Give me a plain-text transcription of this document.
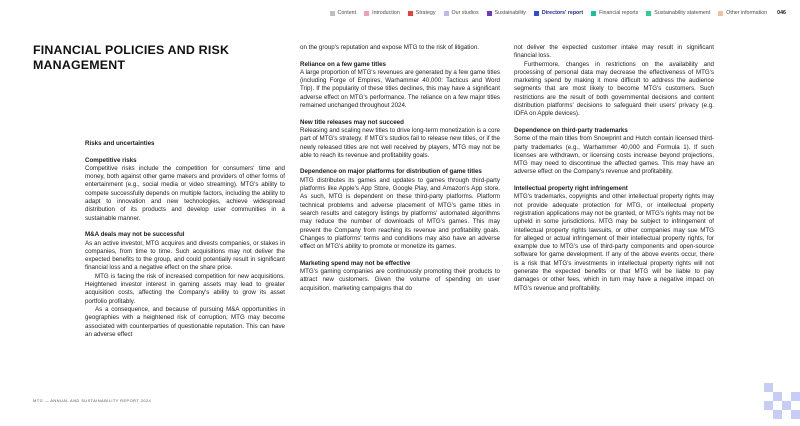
Content	Introduction	Strategy	Our studios	Sustainability	Directors' report	Financial reports	Sustainability statement	Other information 046
FINANCIAL POLICIES AND RISK MANAGEMENT
Risks and uncertainties
Competitive risks

Competitive risks include the competition for consumers' time and money, both against other game makers and providers of other forms of entertainment (e.g., social media or video streaming). MTG's ability to compete successfully depends on multiple factors, including the ability to adapt to innovation and new technologies, achieve widespread distribution of its products and develop user communities in a sustainable manner.

M&A deals may not be successful

As an active investor, MTG acquires and divests companies, or stakes in companies, from time to time. Such acquisitions may not deliver the expected benefits to the group, and could potentially result in significant financial loss and a negative effect on the share price.

MTG is facing the risk of increased competition for new acquisitions. Heightened investor interest in gaming assets may lead to greater acquisition costs, affecting the Company's ability to grow its asset portfolio profitably.

As a consequence, and because of pursuing M&A opportunities in geographies with a heightened risk of corruption, MTG may become associated with counterparties of questionable reputation. This can have an adverse effect

on the group's reputation and expose MTG to the risk of litigation.

Reliance on a few game titles

A large proportion of MTG's revenues are generated by a few game titles (including Forge of Empires, Warhammer 40,000: Tacticus and Word Trip). If the popularity of these titles declines, this may have a significant adverse effect on MTG's performance. The reliance on a few major titles remained unchanged throughout 2024.

New title releases may not succeed

Releasing and scaling new titles to drive long-term monetization is a core part of MTG's strategy. If MTG's studios fail to release new titles, or if the newly released titles are not well received by players, MTG may not be able to reach its revenue and profitability goals.

Dependence on major platforms for distribution of game titles

MTG distributes its games and updates to games through third-party platforms like Apple's App Store, Google Play, and Amazon's App store. As such, MTG is dependent on these third-party platforms. Platform technical problems and adverse placement of MTG's game titles in search results and category listings by platforms' automated algorithms may reduce the number of downloads of MTG's games. This may prevent the Company from reaching its revenue and profitability goals. Changes to platforms' terms and conditions may also have an adverse effect on MTG's ability to promote or monetize its games.

Marketing spend may not be effective

MTG's gaming companies are continuously promoting their products to attract new customers. Given the volume of spending on user acquisition, marketing campaigns that do

not deliver the expected customer intake may result in significant financial loss.

Furthermore, changes in restrictions on the availability and processing of personal data may decrease the effectiveness of MTG's marketing spend by making it more difficult to address the audience segments that are most likely to become MTG's customers. Such restrictions are the result of both governmental decisions and content distribution platforms' decisions to safeguard their users' privacy (e.g. IDFA on Apple devices).

Dependence on third-party trademarks

Some of the main titles from Snowprint and Hutch contain licensed third-party trademarks (e.g., Warhammer 40,000 and Formula 1). If such licenses are withdrawn, or licensing costs increase beyond projections, MTG may need to discontinue the affected games. This may have an adverse effect on the Company's revenue and profitability.

Intellectual property right infringement

MTG's trademarks, copyrights and other intellectual property rights may not provide adequate protection for MTG, or intellectual property registration applications may not be granted, or MTG's rights may not be upheld in some jurisdictions. MTG may be subject to infringement of intellectual property rights lawsuits, or other companies may sue MTG for alleged or actual infringement of their intellectual property rights, for example due to MTG's use of third-party components and open-source software for game development. If any of the above events occur, there is a risk that MTG's investments in intellectual property rights will not generate the expected benefits or that MTG will be liable to pay damages or other fees, which in turn may have a negative impact on MTG's revenue and profitability.

MTG — ANNUAL AND SUSTAINABILITY REPORT 2024
